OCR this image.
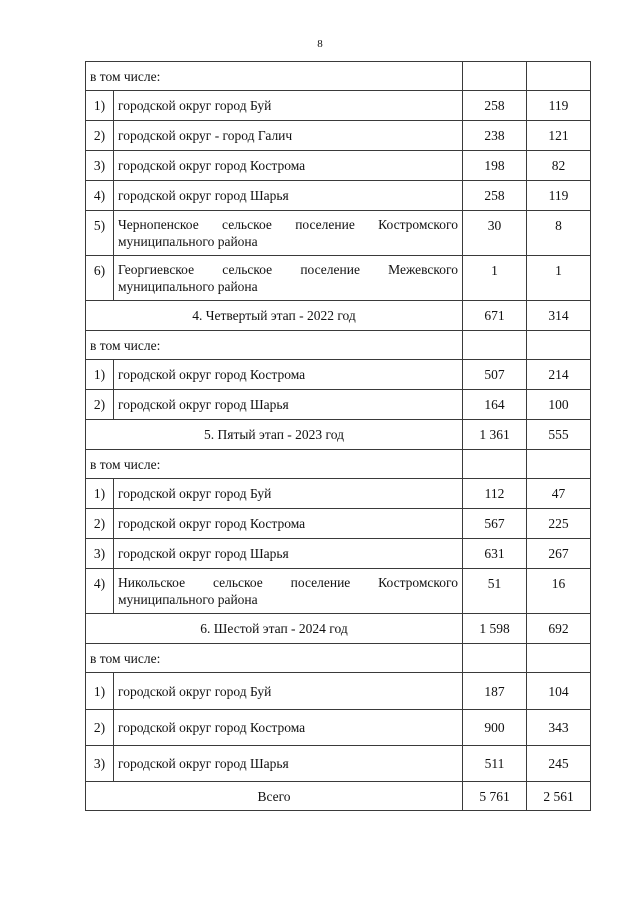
8
в том числе:			
1)	городской округ город Буй	258	119
2)	городской округ - город Галич	238	121
3)	городской округ город Кострома	198	82
4)	городской округ город Шарья	258	119
5)	Чернопенское сельское поселение Костромского муниципального района	30	8
6)	Георгиевское сельское поселение Межевского муниципального района	1	1
4. Четвертый этап - 2022 год		671	314
в том числе:			
1)	городской округ город Кострома	507	214
2)	городской округ город Шарья	164	100
5. Пятый этап - 2023 год		1 361	555
в том числе:			
1)	городской округ город Буй	112	47
2)	городской округ город Кострома	567	225
3)	городской округ город Шарья	631	267
4)	Никольское сельское поселение Костромского муниципального района	51	16
6. Шестой этап - 2024 год		1 598	692
в том числе:			
1)	городской округ город Буй	187	104
2)	городской округ город Кострома	900	343
3)	городской округ город Шарья	511	245
Всего		5 761	2 561
